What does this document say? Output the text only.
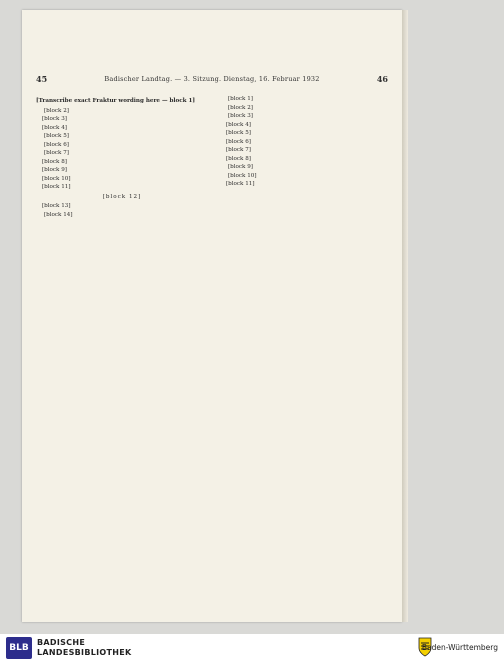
45	Badischer Landtag. — 3. Sitzung. Dienstag, 16. Februar 1932	46

[Transcribe exact Fraktur wording here — block 1]

[block 2]

[block 3]

[block 4]

[block 5]

[block 6]

[block 7]

[block 8]

[block 9]

[block 10]

[block 11]

[block 12]

[block 13]

[block 14]

[block 1]

[block 2]

[block 3]

[block 4]

[block 5]

[block 6]

[block 7]

[block 8]

[block 9]

[block 10]

[block 11]

BLB
BADISCHE
LANDESBIBLIOTHEK
Baden-Württemberg
